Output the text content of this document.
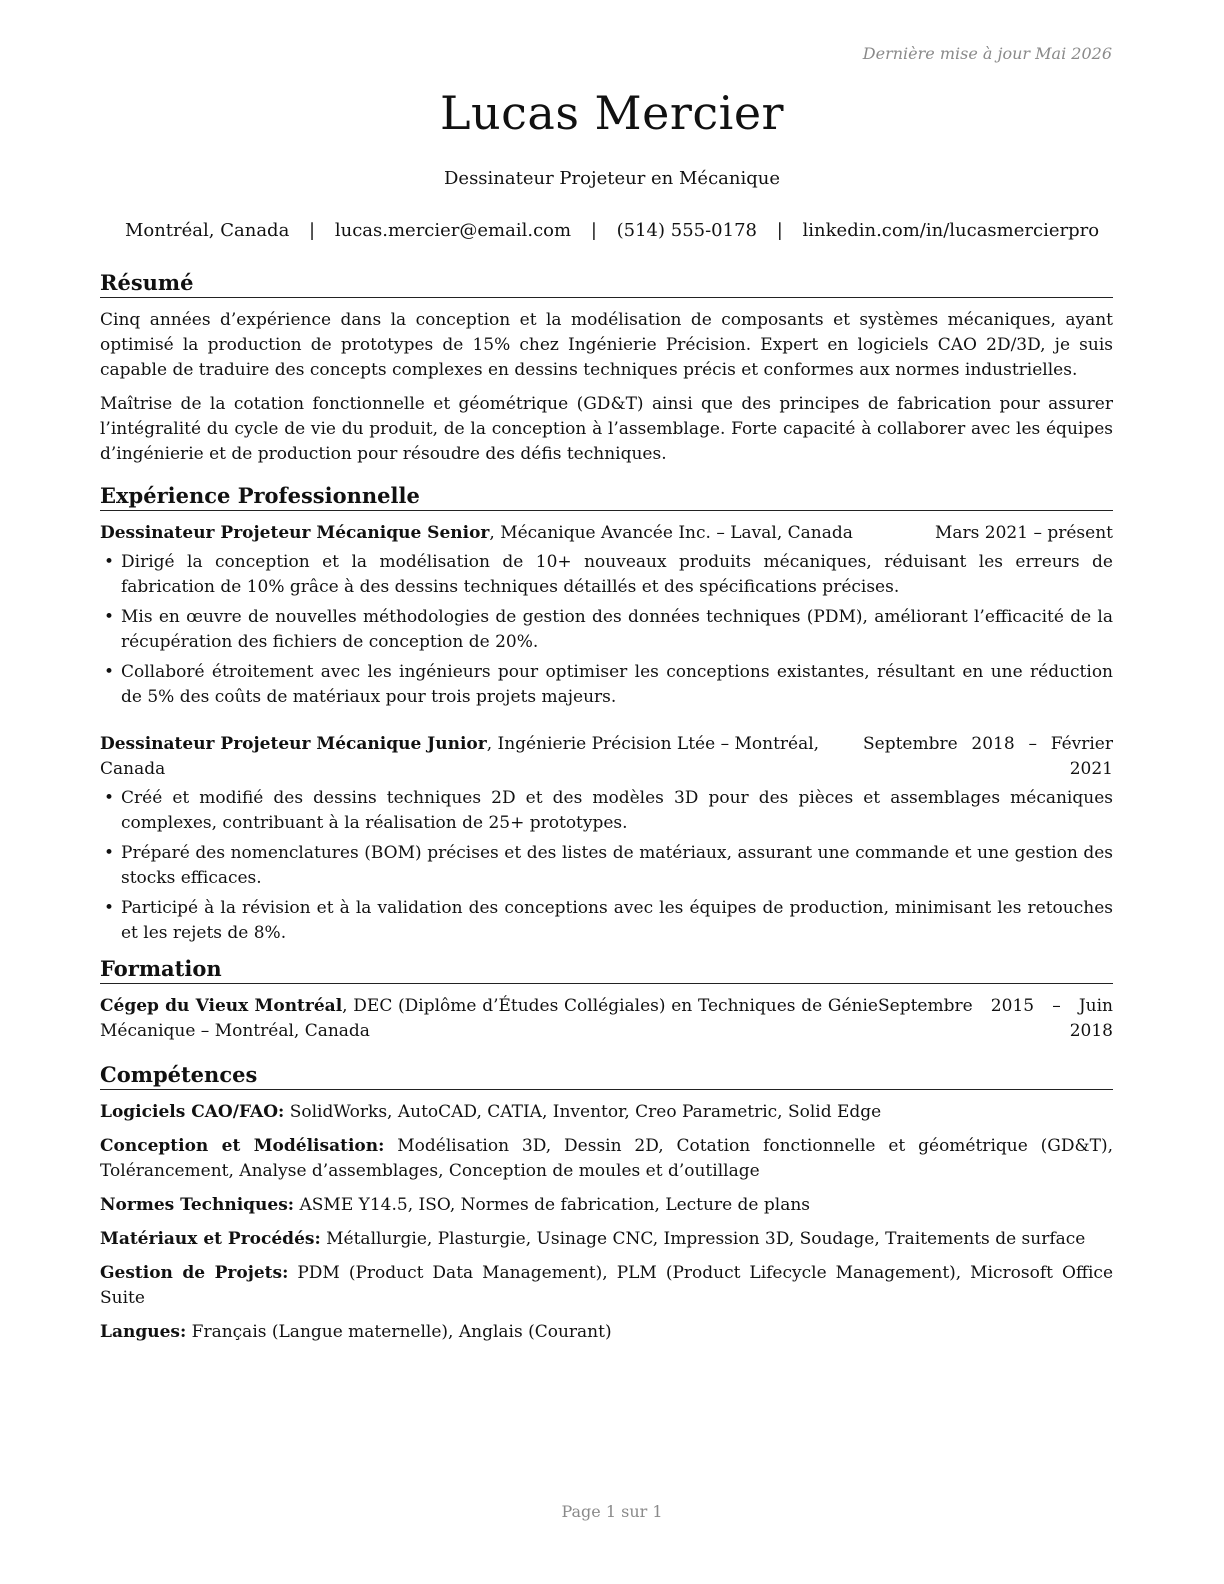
Dernière mise à jour Mai 2026
Lucas Mercier
Dessinateur Projeteur en Mécanique
Montréal, Canada | lucas.mercier@email.com | (514) 555-0178 | linkedin.com/in/lucasmercierpro
Résumé

Cinq années d’expérience dans la conception et la modélisation de composants et systèmes mécaniques, ayant optimisé la production de prototypes de 15% chez Ingénierie Précision. Expert en logiciels CAO 2D/3D, je suis capable de traduire des concepts complexes en dessins techniques précis et conformes aux normes industrielles.

Maîtrise de la cotation fonctionnelle et géométrique (GD&T) ainsi que des principes de fabrication pour assurer l’intégralité du cycle de vie du produit, de la conception à l’assemblage. Forte capacité à collaborer avec les équipes d’ingénierie et de production pour résoudre des défis techniques.

Expérience Professionnelle
Dessinateur Projeteur Mécanique Senior, Mécanique Avancée Inc. – Laval, Canada	Mars 2021 – présent
• Dirigé la conception et la modélisation de 10+ nouveaux produits mécaniques, réduisant les erreurs de fabrication de 10% grâce à des dessins techniques détaillés et des spécifications précises.
• Mis en œuvre de nouvelles méthodologies de gestion des données techniques (PDM), améliorant l’efficacité de la récupération des fichiers de conception de 20%.
• Collaboré étroitement avec les ingénieurs pour optimiser les conceptions existantes, résultant en une réduction de 5% des coûts de matériaux pour trois projets majeurs.
Dessinateur Projeteur Mécanique Junior, Ingénierie Précision Ltée – Montréal, Canada
Septembre 2018 – Février 2021
• Créé et modifié des dessins techniques 2D et des modèles 3D pour des pièces et assemblages mécaniques complexes, contribuant à la réalisation de 25+ prototypes.
• Préparé des nomenclatures (BOM) précises et des listes de matériaux, assurant une commande et une gestion des stocks efficaces.
• Participé à la révision et à la validation des conceptions avec les équipes de production, minimisant les retouches et les rejets de 8%.
Formation
Cégep du Vieux Montréal, DEC (Diplôme d’Études Collégiales) en Techniques de Génie Mécanique – Montréal, Canada
Septembre 2015 – Juin 2018
Compétences
Logiciels CAO/FAO: SolidWorks, AutoCAD, CATIA, Inventor, Creo Parametric, Solid Edge
Conception et Modélisation: Modélisation 3D, Dessin 2D, Cotation fonctionnelle et géométrique (GD&T), Tolérancement, Analyse d’assemblages, Conception de moules et d’outillage
Normes Techniques: ASME Y14.5, ISO, Normes de fabrication, Lecture de plans
Matériaux et Procédés: Métallurgie, Plasturgie, Usinage CNC, Impression 3D, Soudage, Traitements de surface
Gestion de Projets: PDM (Product Data Management), PLM (Product Lifecycle Management), Microsoft Office Suite
Langues: Français (Langue maternelle), Anglais (Courant)
Page 1 sur 1
